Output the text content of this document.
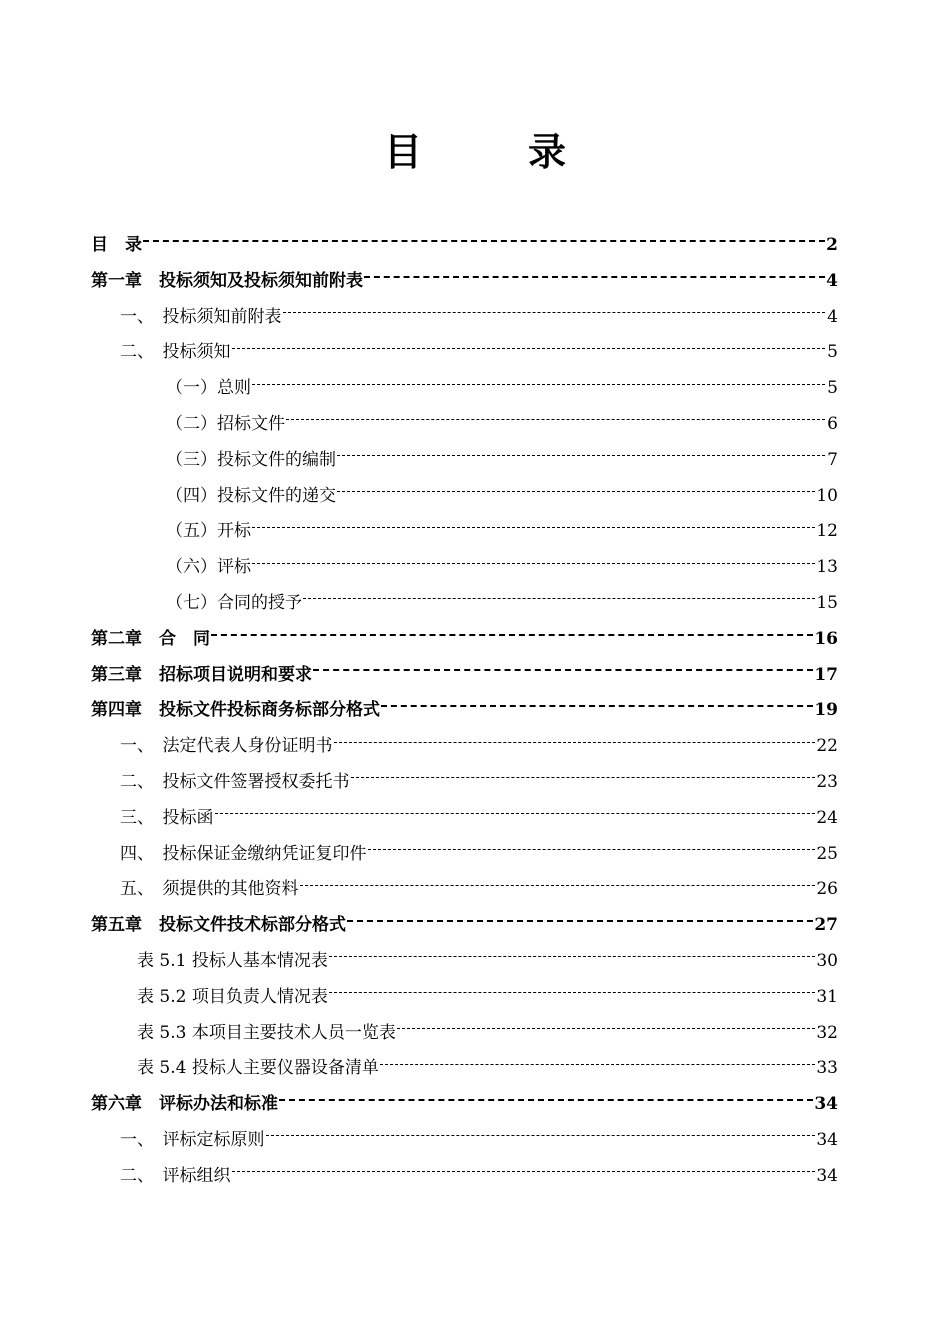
目　录
目　录	2
第一章　投标须知及投标须知前附表	4
一、　投标须知前附表	4
二、　投标须知	5
（一）总则	5
（二）招标文件	6
（三）投标文件的编制	7
（四）投标文件的递交	10
（五）开标	12
（六）评标	13
（七）合同的授予	15
第二章　合　同	16
第三章　招标项目说明和要求	17
第四章　投标文件投标商务标部分格式	19
一、　法定代表人身份证明书	22
二、　投标文件签署授权委托书	23
三、　投标函	24
四、　投标保证金缴纳凭证复印件	25
五、　须提供的其他资料	26
第五章　投标文件技术标部分格式	27
表 5.1 投标人基本情况表	30
表 5.2 项目负责人情况表	31
表 5.3 本项目主要技术人员一览表	32
表 5.4 投标人主要仪器设备清单	33
第六章　评标办法和标准	34
一、　评标定标原则	34
二、　评标组织	34
